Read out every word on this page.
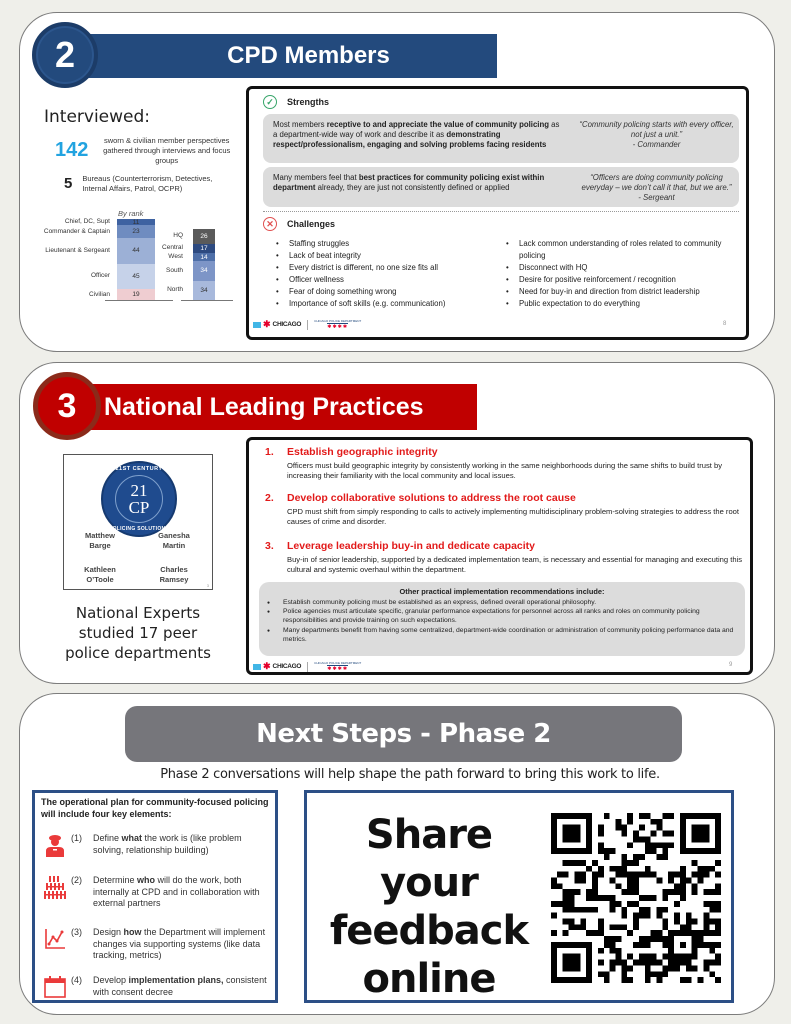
CPD Members
2
Interviewed:
142	sworn & civilian member perspectives gathered through interviews and focus groups
5 Bureaus (Counterterrorism, Detectives, Internal Affairs, Patrol, OCPR)
By rank
✓	Strengths
Most members receptive to and appreciate the value of community policing as a department-wide way of work and describe it as demonstrating respect/professionalism, engaging and solving problems facing residents
“Community policing starts with every officer, not just a unit.”
- Commander
Many members feel that best practices for community policing exist within department already, they are just not consistently defined or applied
“Officers are doing community policing everyday – we don’t call it that, but we are.”
- Sergeant
✕	Challenges
• Staffing struggles
• Lack of beat integrity
• Every district is different, no one size fits all
• Officer wellness
• Fear of doing something wrong
• Importance of soft skills (e.g. communication)
• Lack common understanding of roles related to community policing
• Disconnect with HQ
• Desire for positive reinforcement / recognition
• Need for buy-in and direction from district leadership
• Public expectation to do everything
✱ CHICAGO	CHICAGO POLICE DEPARTMENT
✱✱✱✱	8
National Leading Practices
3
21ST CENTURY
21
CP
POLICING SOLUTIONS
Matthew
Barge
Ganesha
Martin
Kathleen
O’Toole
Charles
Ramsey
3
National Experts studied 17 peer police departments
1.	Establish geographic integrity
Officers must build geographic integrity by consistently working in the same neighborhoods during the same shifts to build trust by increasing their familiarity with the local community and local issues.
2.	Develop collaborative solutions to address the root cause
CPD must shift from simply responding to calls to actively implementing multidisciplinary problem-solving strategies to address the root causes of crime and disorder.
3.	Leverage leadership buy-in and dedicate capacity
Buy-in of senior leadership, supported by a dedicated implementation team, is necessary and essential for managing and executing this cultural and systemic overhaul within the department.
Other practical implementation recommendations include:
● Establish community policing must be established as an express, defined overall operational philosophy.
● Police agencies must articulate specific, granular performance expectations for personnel across all ranks and roles on community policing responsibilities and provide training on such expectations.
● Many departments benefit from having some centralized, department-wide coordination or administration of community policing performance data and metrics.
✱ CHICAGO	CHICAGO POLICE DEPARTMENT
✱✱✱✱
9
Next Steps - Phase 2
Phase 2 conversations will help shape the path forward to bring this work to life.
The operational plan for community-focused policing will include four key elements:
(1)	Define what the work is (like problem solving, relationship building)
(2)	Determine who will do the work, both internally at CPD and in collaboration with external partners
(3)	Design how the Department will implement changes via supporting systems (like data tracking, metrics)
(4)	Develop implementation plans, consistent with consent decree
Share your
feedback
online
19
Civilian
45
Officer
44
Lieutenant & Sergeant
23
Commander & Captain
11
Chief, DC, Supt
34
North
34
South
14
West
17
Central
26
HQ
